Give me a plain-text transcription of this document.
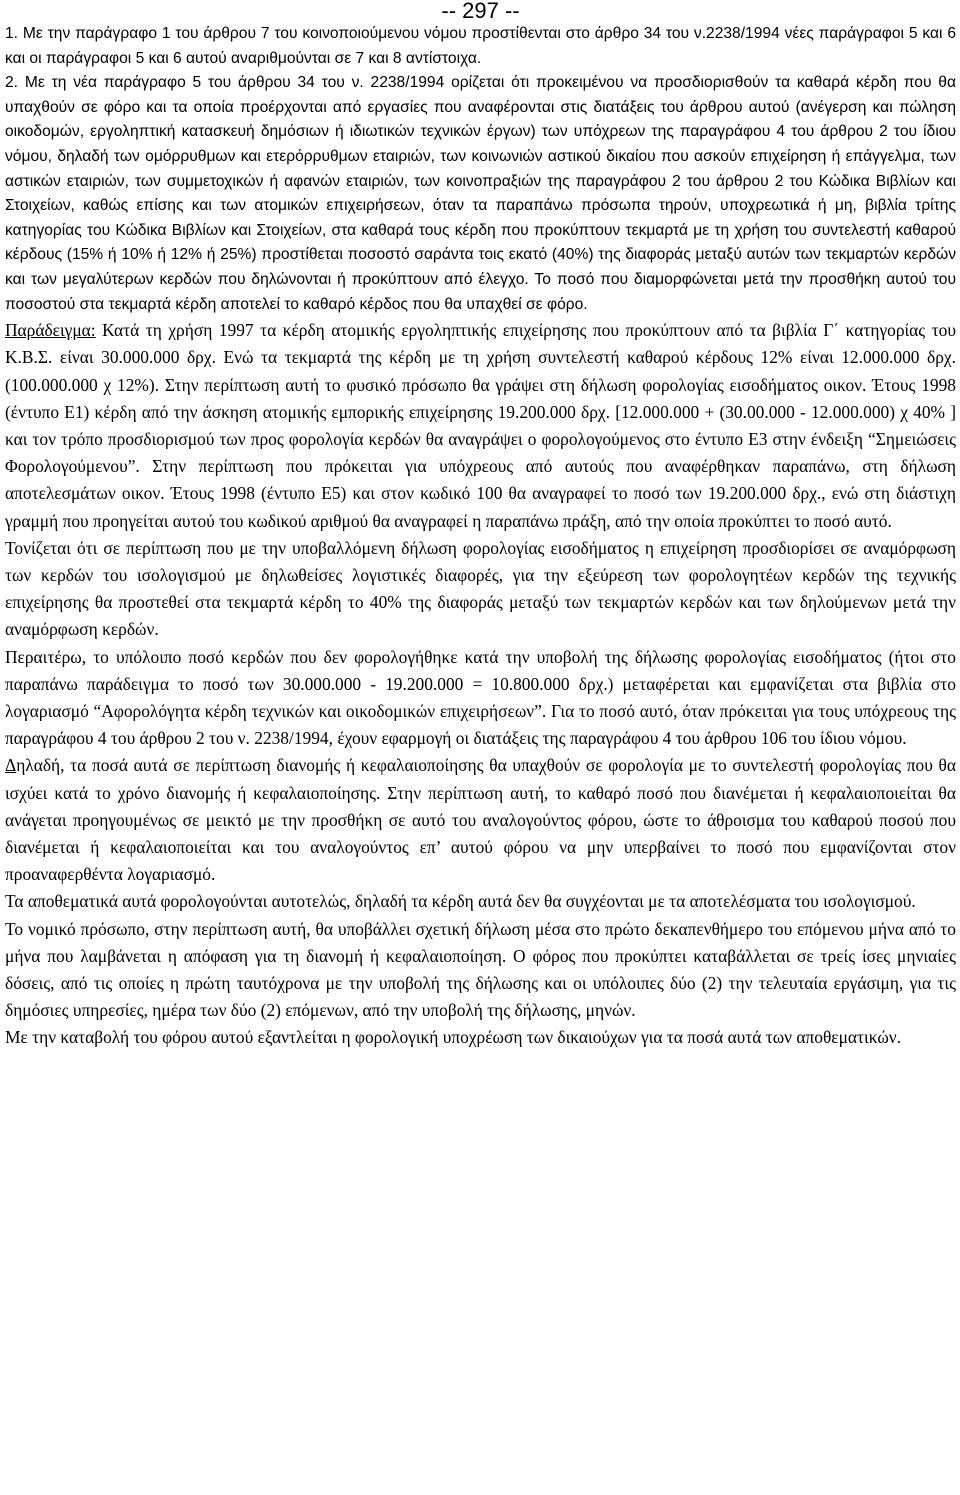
-- 297 --

1. Με την παράγραφο 1 του άρθρου 7 του κοινοποιούμενου νόμου προστίθενται στο άρθρο 34 του ν.2238/1994 νέες παράγραφοι 5 και 6 και οι παράγραφοι 5 και 6 αυτού αναριθμούνται σε 7 και 8 αντίστοιχα.

2. Με τη νέα παράγραφο 5 του άρθρου 34 του ν. 2238/1994 ορίζεται ότι προκειμένου να προσδιορισθούν τα καθαρά κέρδη που θα υπαχθούν σε φόρο και τα οποία προέρχονται από εργασίες που αναφέρονται στις διατάξεις του άρθρου αυτού (ανέγερση και πώληση οικοδομών, εργοληπτική κατασκευή δημόσιων ή ιδιωτικών τεχνικών έργων) των υπόχρεων της παραγράφου 4 του άρθρου 2 του ίδιου νόμου, δηλαδή των ομόρρυθμων και ετερόρρυθμων εταιριών, των κοινωνιών αστικού δικαίου που ασκούν επιχείρηση ή επάγγελμα, των αστικών εταιριών, των συμμετοχικών ή αφανών εταιριών, των κοινοπραξιών της παραγράφου 2 του άρθρου 2 του Κώδικα Βιβλίων και Στοιχείων, καθώς επίσης και των ατομικών επιχειρήσεων, όταν τα παραπάνω πρόσωπα τηρούν, υποχρεωτικά ή μη, βιβλία τρίτης κατηγορίας του Κώδικα Βιβλίων και Στοιχείων, στα καθαρά τους κέρδη που προκύπτουν τεκμαρτά με τη χρήση του συντελεστή καθαρού κέρδους (15% ή 10% ή 12% ή 25%) προστίθεται ποσοστό σαράντα τοις εκατό (40%) της διαφοράς μεταξύ αυτών των τεκμαρτών κερδών και των μεγαλύτερων κερδών που δηλώνονται ή προκύπτουν από έλεγχο. Το ποσό που διαμορφώνεται μετά την προσθήκη αυτού του ποσοστού στα τεκμαρτά κέρδη αποτελεί το καθαρό κέρδος που θα υπαχθεί σε φόρο.

Παράδειγμα: Κατά τη χρήση 1997 τα κέρδη ατομικής εργοληπτικής επιχείρησης που προκύπτουν από τα βιβλία Γ΄ κατηγορίας του Κ.Β.Σ. είναι 30.000.000 δρχ. Ενώ τα τεκμαρτά της κέρδη με τη χρήση συντελεστή καθαρού κέρδους 12% είναι 12.000.000 δρχ. (100.000.000 χ 12%). Στην περίπτωση αυτή το φυσικό πρόσωπο θα γράψει στη δήλωση φορολογίας εισοδήματος οικον. Έτους 1998 (έντυπο Ε1) κέρδη από την άσκηση ατομικής εμπορικής επιχείρησης 19.200.000 δρχ. [12.000.000 + (30.00.000 - 12.000.000) χ 40% ] και τον τρόπο προσδιορισμού των προς φορολογία κερδών θα αναγράψει ο φορολογούμενος στο έντυπο Ε3 στην ένδειξη “Σημειώσεις Φορολογούμενου”. Στην περίπτωση που πρόκειται για υπόχρεους από αυτούς που αναφέρθηκαν παραπάνω, στη δήλωση αποτελεσμάτων οικον. Έτους 1998 (έντυπο Ε5) και στον κωδικό 100 θα αναγραφεί το ποσό των 19.200.000 δρχ., ενώ στη διάστιχη γραμμή που προηγείται αυτού του κωδικού αριθμού θα αναγραφεί η παραπάνω πράξη, από την οποία προκύπτει το ποσό αυτό.

Τονίζεται ότι σε περίπτωση που με την υποβαλλόμενη δήλωση φορολογίας εισοδήματος η επιχείρηση προσδιορίσει σε αναμόρφωση των κερδών του ισολογισμού με δηλωθείσες λογιστικές διαφορές, για την εξεύρεση των φορολογητέων κερδών της τεχνικής επιχείρησης θα προστεθεί στα τεκμαρτά κέρδη το 40% της διαφοράς μεταξύ των τεκμαρτών κερδών και των δηλούμενων μετά την αναμόρφωση κερδών.

Περαιτέρω, το υπόλοιπο ποσό κερδών που δεν φορολογήθηκε κατά την υποβολή της δήλωσης φορολογίας εισοδήματος (ήτοι στο παραπάνω παράδειγμα το ποσό των 30.000.000 - 19.200.000 = 10.800.000 δρχ.) μεταφέρεται και εμφανίζεται στα βιβλία στο λογαριασμό “Αφορολόγητα κέρδη τεχνικών και οικοδομικών επιχειρήσεων”. Για το ποσό αυτό, όταν πρόκειται για τους υπόχρεους της παραγράφου 4 του άρθρου 2 του ν. 2238/1994, έχουν εφαρμογή οι διατάξεις της παραγράφου 4 του άρθρου 106 του ίδιου νόμου.

Δηλαδή, τα ποσά αυτά σε περίπτωση διανομής ή κεφαλαιοποίησης θα υπαχθούν σε φορολογία με το συντελεστή φορολογίας που θα ισχύει κατά το χρόνο διανομής ή κεφαλαιοποίησης. Στην περίπτωση αυτή, το καθαρό ποσό που διανέμεται ή κεφαλαιοποιείται θα ανάγεται προηγουμένως σε μεικτό με την προσθήκη σε αυτό του αναλογούντος φόρου, ώστε το άθροισμα του καθαρού ποσού που διανέμεται ή κεφαλαιοποιείται και του αναλογούντος επ’ αυτού φόρου να μην υπερβαίνει το ποσό που εμφανίζονται στον προαναφερθέντα λογαριασμό.

Τα αποθεματικά αυτά φορολογούνται αυτοτελώς, δηλαδή τα κέρδη αυτά δεν θα συγχέονται με τα αποτελέσματα του ισολογισμού.

Το νομικό πρόσωπο, στην περίπτωση αυτή, θα υποβάλλει σχετική δήλωση μέσα στο πρώτο δεκαπενθήμερο του επόμενου μήνα από το μήνα που λαμβάνεται η απόφαση για τη διανομή ή κεφαλαιοποίηση. Ο φόρος που προκύπτει καταβάλλεται σε τρείς ίσες μηνιαίες δόσεις, από τις οποίες η πρώτη ταυτόχρονα με την υποβολή της δήλωσης και οι υπόλοιπες δύο (2) την τελευταία εργάσιμη, για τις δημόσιες υπηρεσίες, ημέρα των δύο (2) επόμενων, από την υποβολή της δήλωσης, μηνών.

Με την καταβολή του φόρου αυτού εξαντλείται η φορολογική υποχρέωση των δικαιούχων για τα ποσά αυτά των αποθεματικών.
